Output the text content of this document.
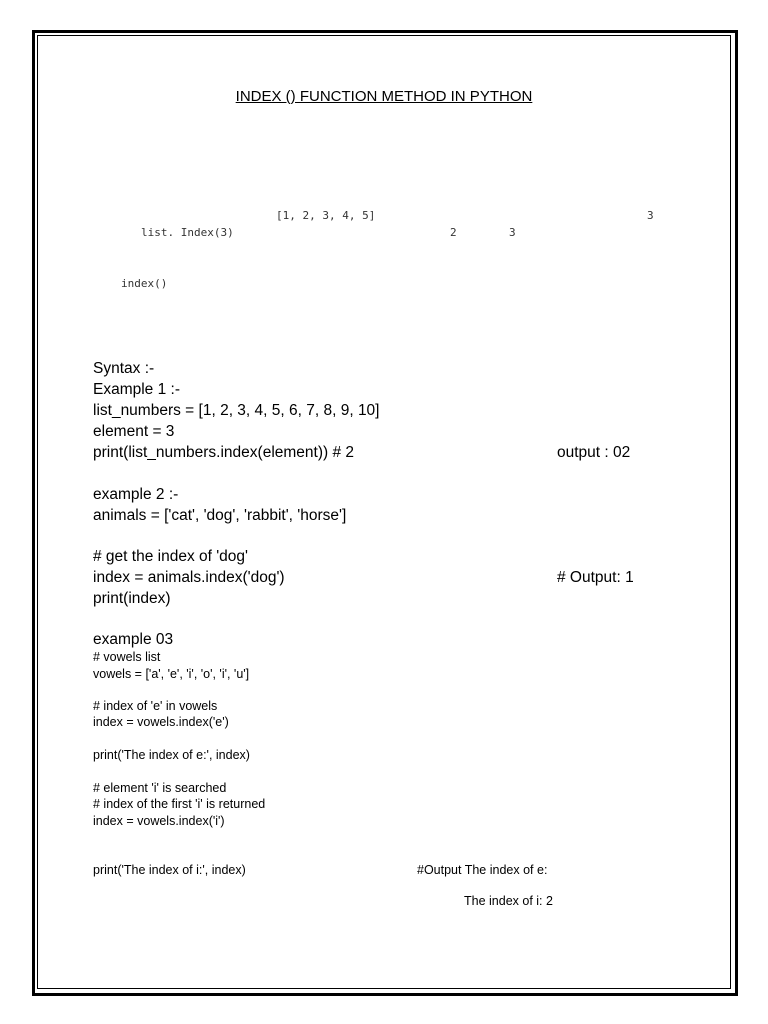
INDEX () FUNCTION METHOD IN PYTHON
[1, 2, 3, 4, 5]	3
list. Index(3)	2	3
index()
Syntax :-
Example 1 :-
list_numbers = [1, 2, 3, 4, 5, 6, 7, 8, 9, 10]
element = 3
print(list_numbers.index(element)) # 2	output : 02
example 2 :-
animals = ['cat', 'dog', 'rabbit', 'horse']
# get the index of 'dog'
index = animals.index('dog')	# Output: 1
print(index)
example 03
# vowels list
vowels = ['a', 'e', 'i', 'o', 'i', 'u']
# index of 'e' in vowels
index = vowels.index('e')
print('The index of e:', index)
# element 'i' is searched
# index of the first 'i' is returned
index = vowels.index('i')
print('The index of i:', index)	#Output The index of e:
The index of i: 2
